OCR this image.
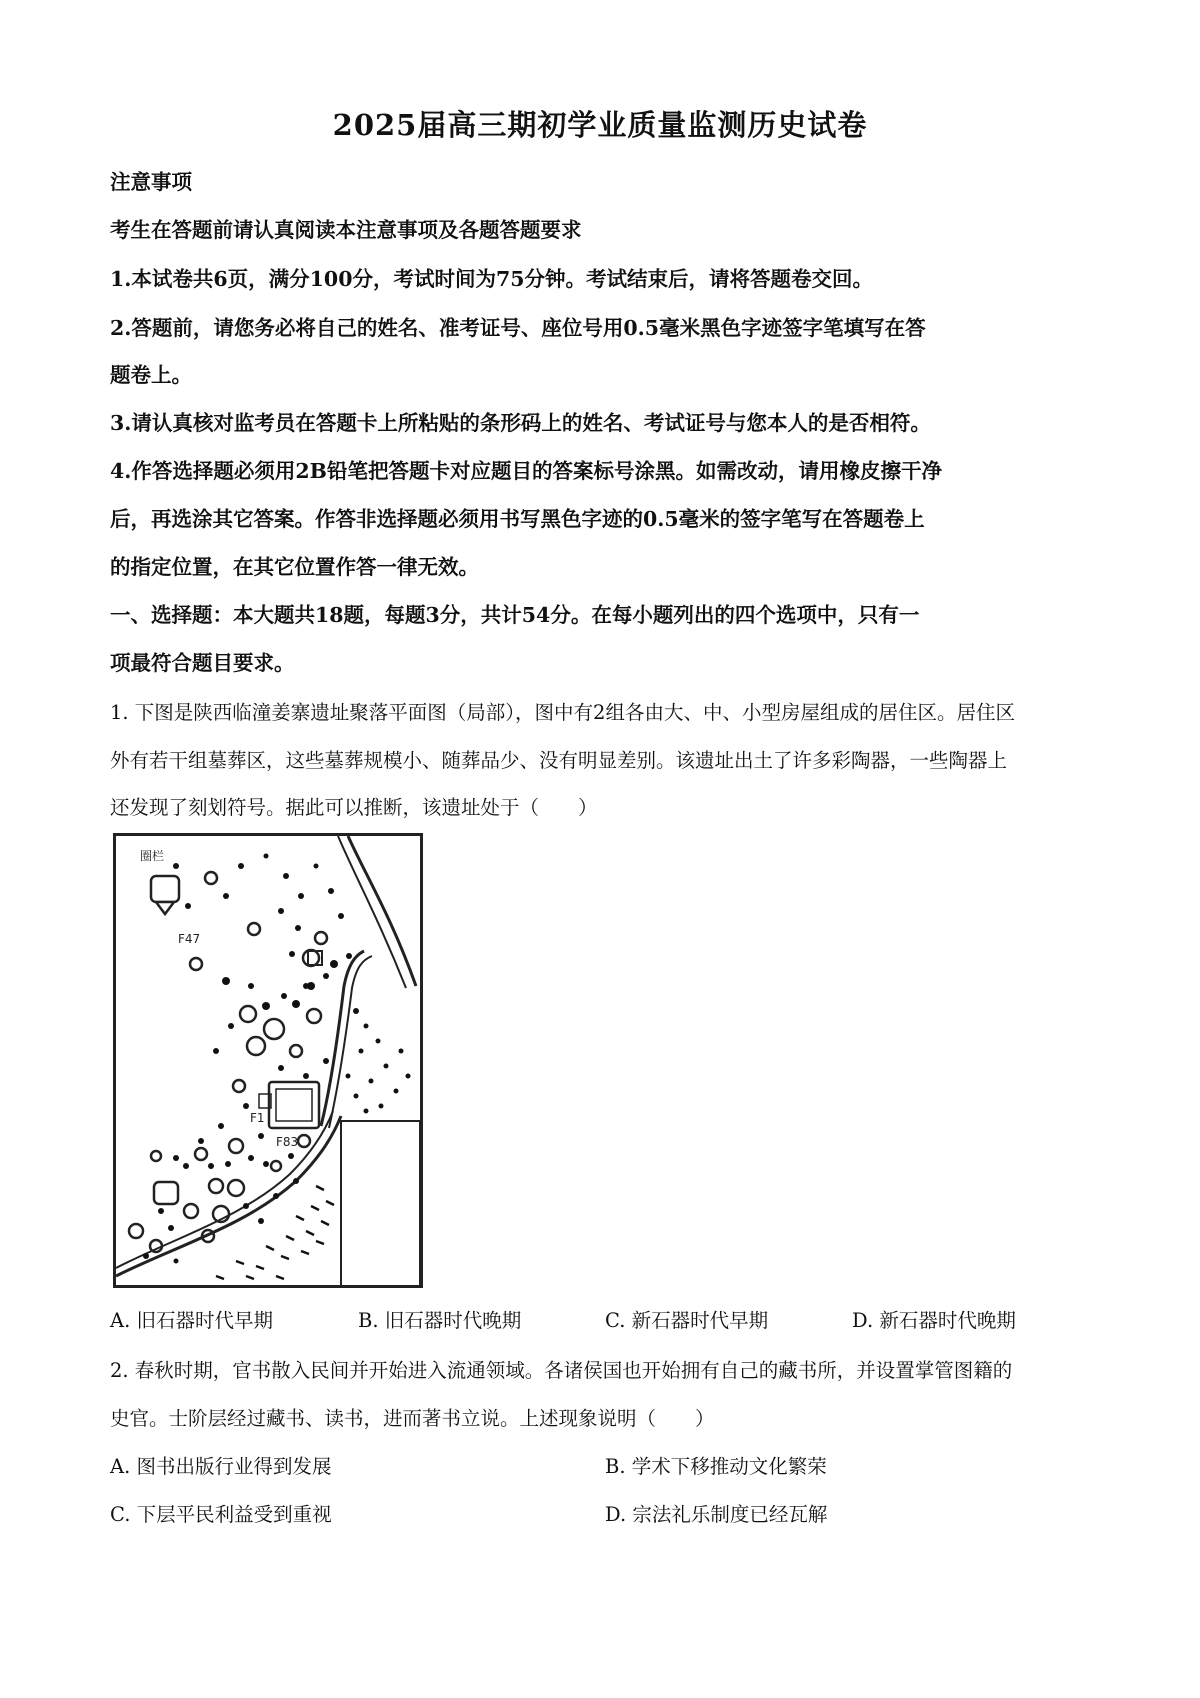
2025届高三期初学业质量监测历史试卷
注意事项
考生在答题前请认真阅读本注意事项及各题答题要求
1.本试卷共6页，满分100分，考试时间为75分钟。考试结束后，请将答题卷交回。
2.答题前，请您务必将自己的姓名、准考证号、座位号用0.5毫米黑色字迹签字笔填写在答
题卷上。
3.请认真核对监考员在答题卡上所粘贴的条形码上的姓名、考试证号与您本人的是否相符。
4.作答选择题必须用2B铅笔把答题卡对应题目的答案标号涂黑。如需改动，请用橡皮擦干净
后，再选涂其它答案。作答非选择题必须用书写黑色字迹的0.5毫米的签字笔写在答题卷上
的指定位置，在其它位置作答一律无效。
一、选择题：本大题共18题，每题3分，共计54分。在每小题列出的四个选项中，只有一
项最符合题目要求。
1. 下图是陕西临潼姜寨遗址聚落平面图（局部），图中有2组各由大、中、小型房屋组成的居住区。居住区
外有若干组墓葬区，这些墓葬规模小、随葬品少、没有明显差别。该遗址出土了许多彩陶器，一些陶器上
还发现了刻划符号。据此可以推断，该遗址处于（　　）
F47
圈栏
F1
F83
A. 旧石器时代早期	B. 旧石器时代晚期	C. 新石器时代早期	D. 新石器时代晚期
2. 春秋时期，官书散入民间并开始进入流通领域。各诸侯国也开始拥有自己的藏书所，并设置掌管图籍的
史官。士阶层经过藏书、读书，进而著书立说。上述现象说明（　　）
A. 图书出版行业得到发展	B. 学术下移推动文化繁荣
C. 下层平民利益受到重视	D. 宗法礼乐制度已经瓦解
